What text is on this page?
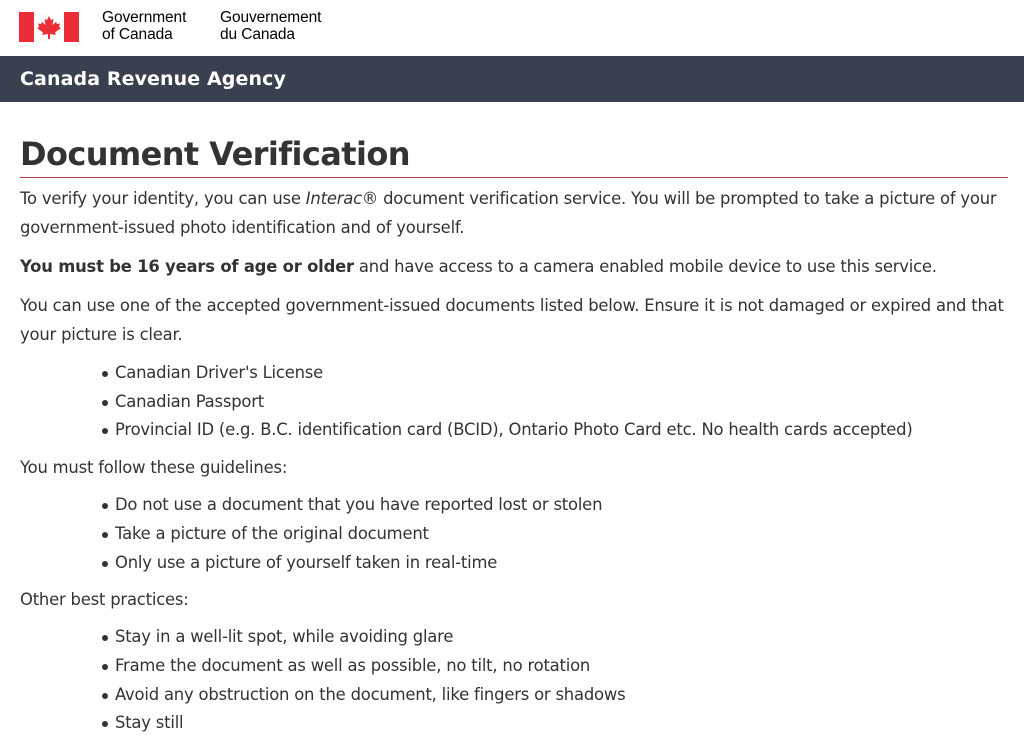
Government
of Canada
Gouvernement
du Canada
Canada Revenue Agency
Document Verification

To verify your identity, you can use Interac® document verification service. You will be prompted to take a picture of your government-issued photo identification and of yourself.

You must be 16 years of age or older and have access to a camera enabled mobile device to use this service.

You can use one of the accepted government-issued documents listed below. Ensure it is not damaged or expired and that your picture is clear.

Canadian Driver's License
Canadian Passport
Provincial ID (e.g. B.C. identification card (BCID), Ontario Photo Card etc. No health cards accepted)

You must follow these guidelines:

Do not use a document that you have reported lost or stolen
Take a picture of the original document
Only use a picture of yourself taken in real-time

Other best practices:

Stay in a well-lit spot, while avoiding glare
Frame the document as well as possible, no tilt, no rotation
Avoid any obstruction on the document, like fingers or shadows
Stay still
